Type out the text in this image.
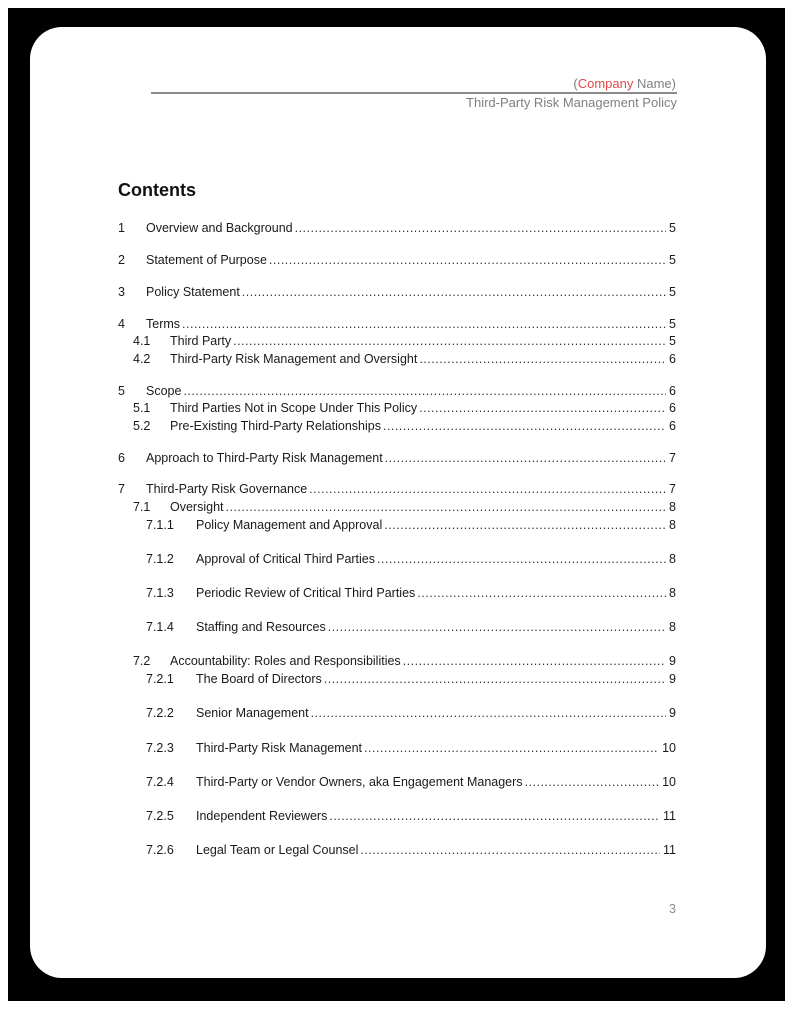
(Company Name)
Third-Party Risk Management Policy
Contents
1 Overview and Background .....	5
2 Statement of Purpose .....	5
3 Policy Statement .....	5
4 Terms .....	5
4.1 Third Party .....	5
4.2 Third-Party Risk Management and Oversight .....	6
5 Scope .....	6
5.1 Third Parties Not in Scope Under This Policy .....	6
5.2 Pre-Existing Third-Party Relationships .....	6
6 Approach to Third-Party Risk Management .....	7
7 Third-Party Risk Governance .....	7
7.1 Oversight .....	8
7.1.1 Policy Management and Approval .....	8
7.1.2 Approval of Critical Third Parties .....	8
7.1.3 Periodic Review of Critical Third Parties .....	8
7.1.4 Staffing and Resources .....	8
7.2 Accountability: Roles and Responsibilities .....	9
7.2.1 The Board of Directors .....	9
7.2.2 Senior Management .....	9
7.2.3 Third-Party Risk Management .....	10
7.2.4 Third-Party or Vendor Owners, aka Engagement Managers .....	10
7.2.5 Independent Reviewers .....	11
7.2.6 Legal Team or Legal Counsel .....	11
3
